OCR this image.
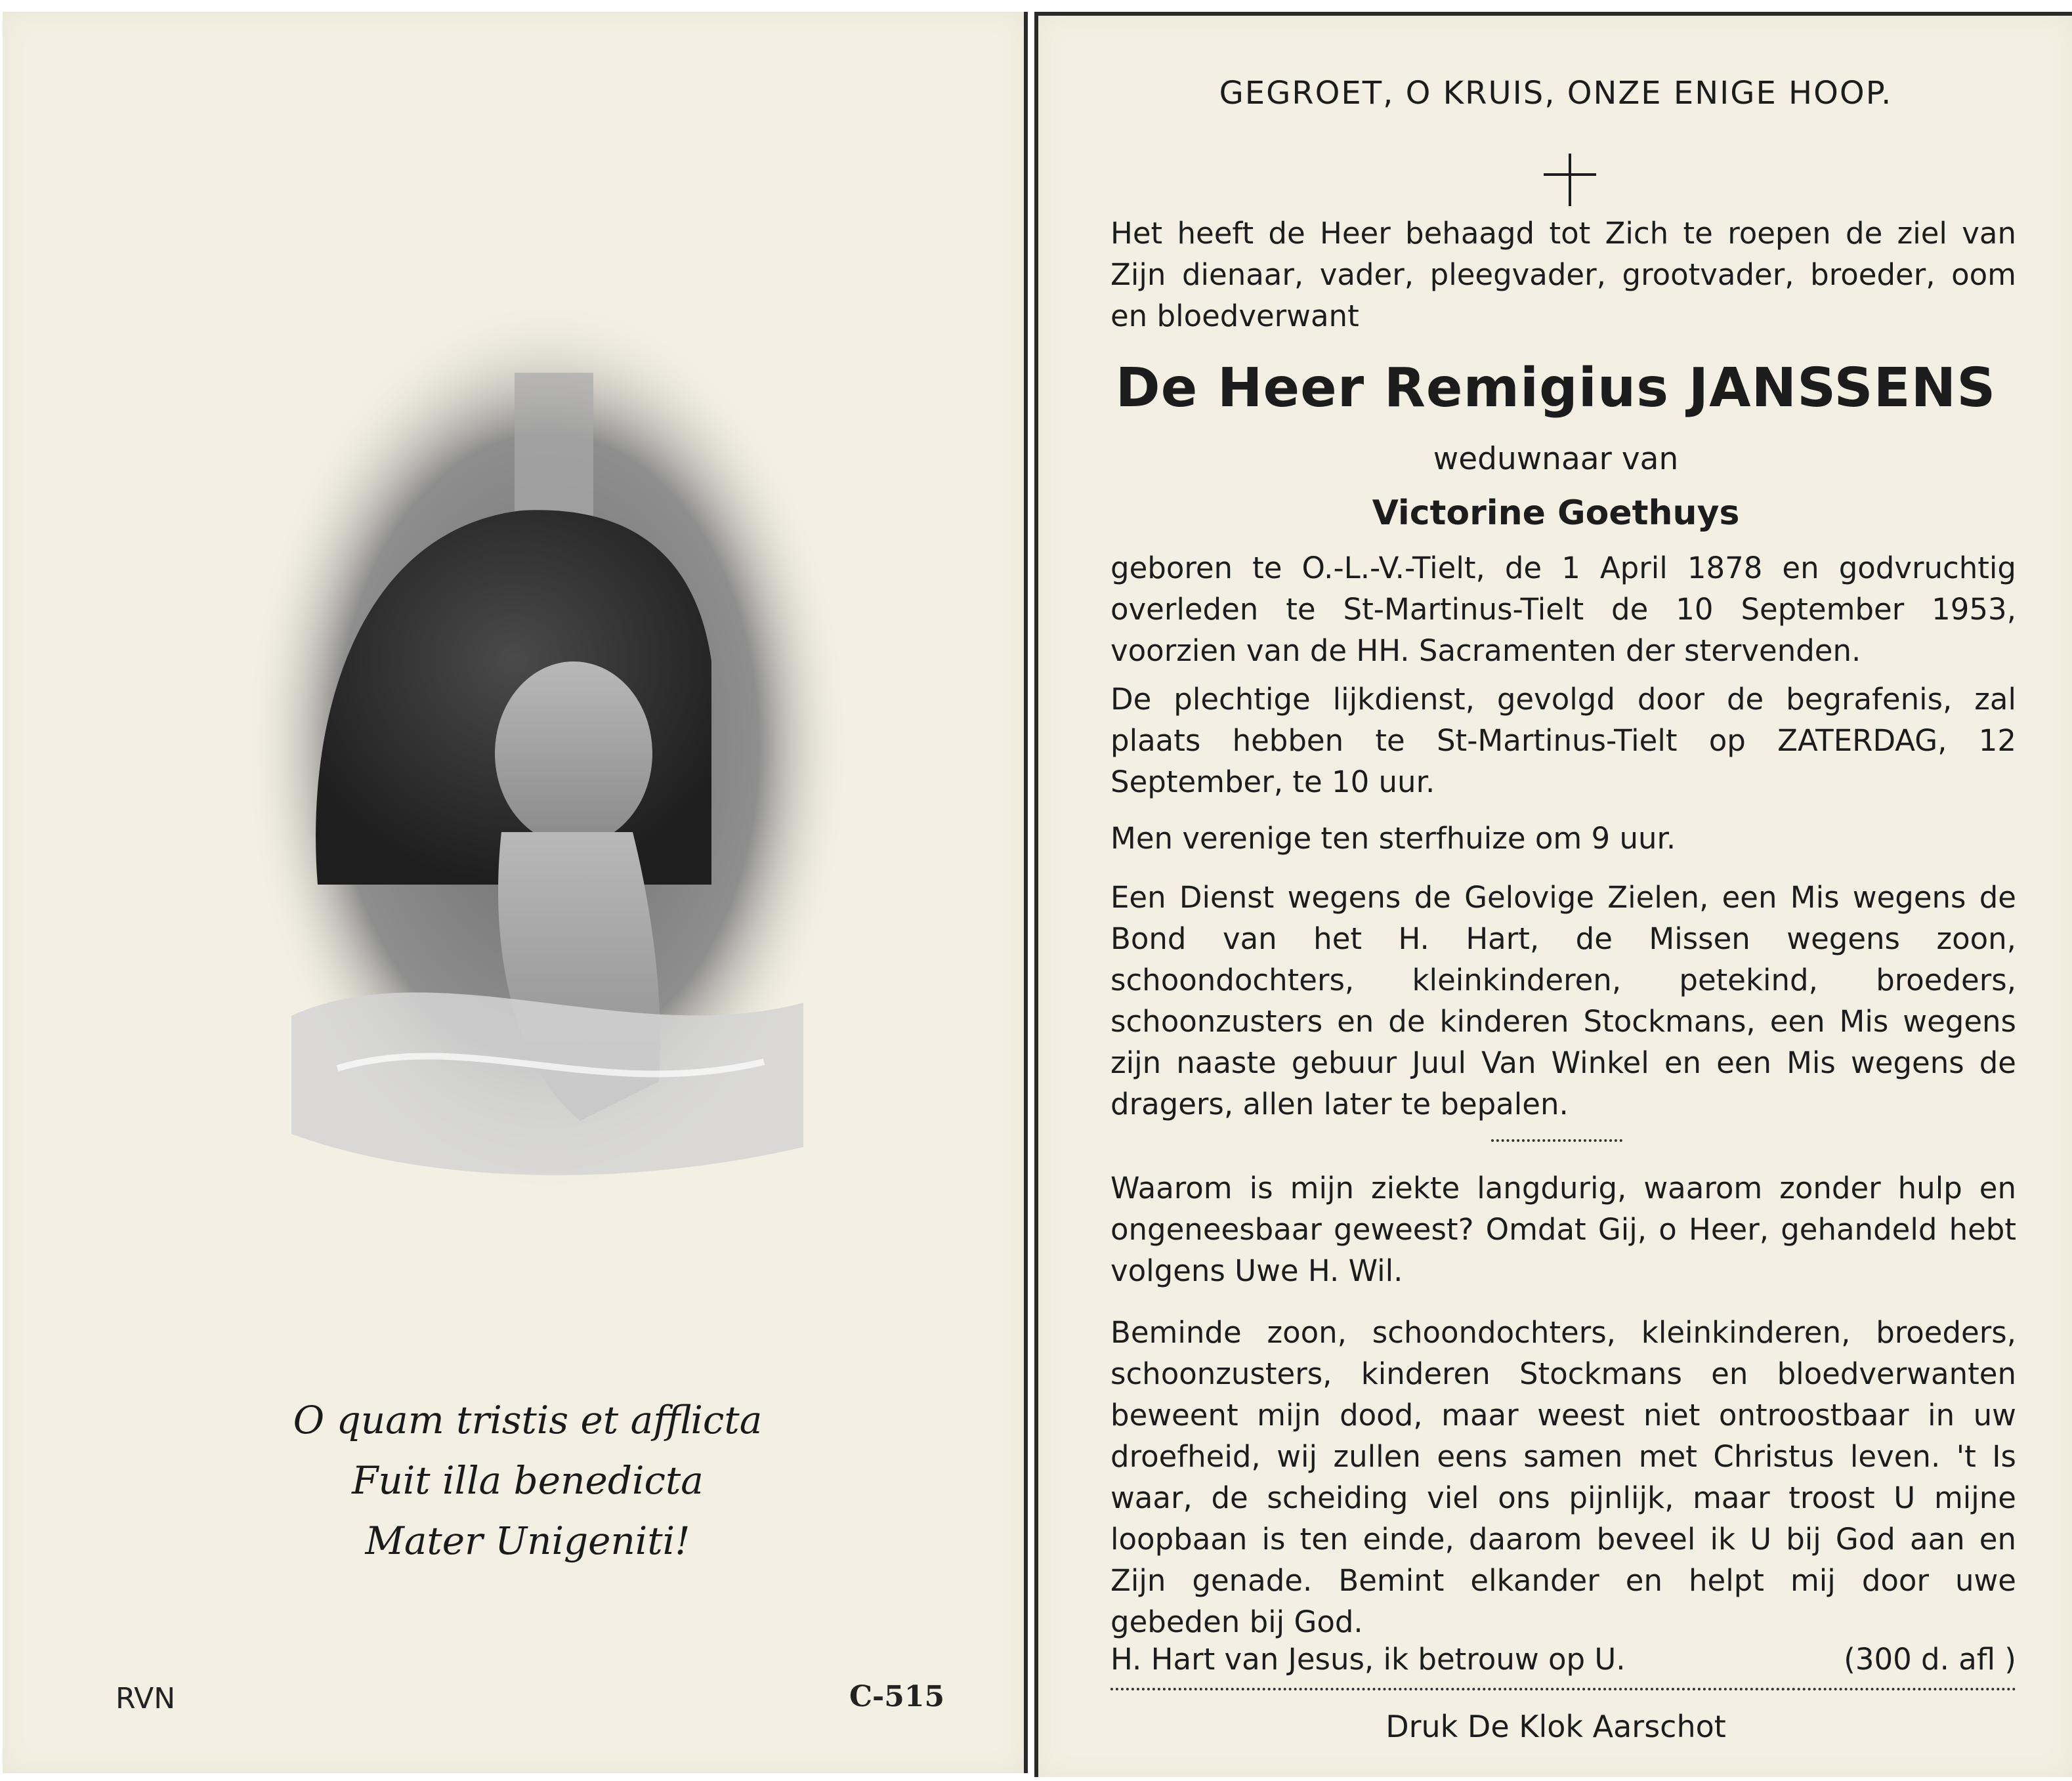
O quam tristis et afflicta
Fuit illa benedicta
Mater Unigeniti!
RVN	C-515
GEGROET, O KRUIS, ONZE ENIGE HOOP.
Het heeft de Heer behaagd tot Zich te roepen de ziel van Zijn dienaar, vader, pleegvader, grootvader, broeder, oom en bloedverwant
De Heer Remigius JANSSENS
weduwnaar van
Victorine Goethuys
geboren te O.-L.-V.-Tielt, de 1 April 1878 en godvruchtig overleden te St-Martinus-Tielt de 10 September 1953, voorzien van de HH. Sacramenten der stervenden.
De plechtige lijkdienst, gevolgd door de begrafenis, zal plaats hebben te St-Martinus-Tielt op ZATERDAG, 12 September, te 10 uur.
Men verenige ten sterfhuize om 9 uur.
Een Dienst wegens de Gelovige Zielen, een Mis wegens de Bond van het H. Hart, de Missen wegens zoon, schoondochters, kleinkinderen, petekind, broeders, schoonzusters en de kinderen Stockmans, een Mis wegens zijn naaste gebuur Juul Van Winkel en een Mis wegens de dragers, allen later te bepalen.
Waarom is mijn ziekte langdurig, waarom zonder hulp en ongeneesbaar geweest? Omdat Gij, o Heer, gehandeld hebt volgens Uwe H. Wil.
Beminde zoon, schoondochters, kleinkinderen, broeders, schoonzusters, kinderen Stockmans en bloedverwanten beweent mijn dood, maar weest niet ontroostbaar in uw droefheid, wij zullen eens samen met Christus leven. 't Is waar, de scheiding viel ons pijnlijk, maar troost U mijne loopbaan is ten einde, daarom beveel ik U bij God aan en Zijn genade. Bemint elkander en helpt mij door uwe gebeden bij God.
H. Hart van Jesus, ik betrouw op U.	(300 d. afl )
Druk De Klok Aarschot
